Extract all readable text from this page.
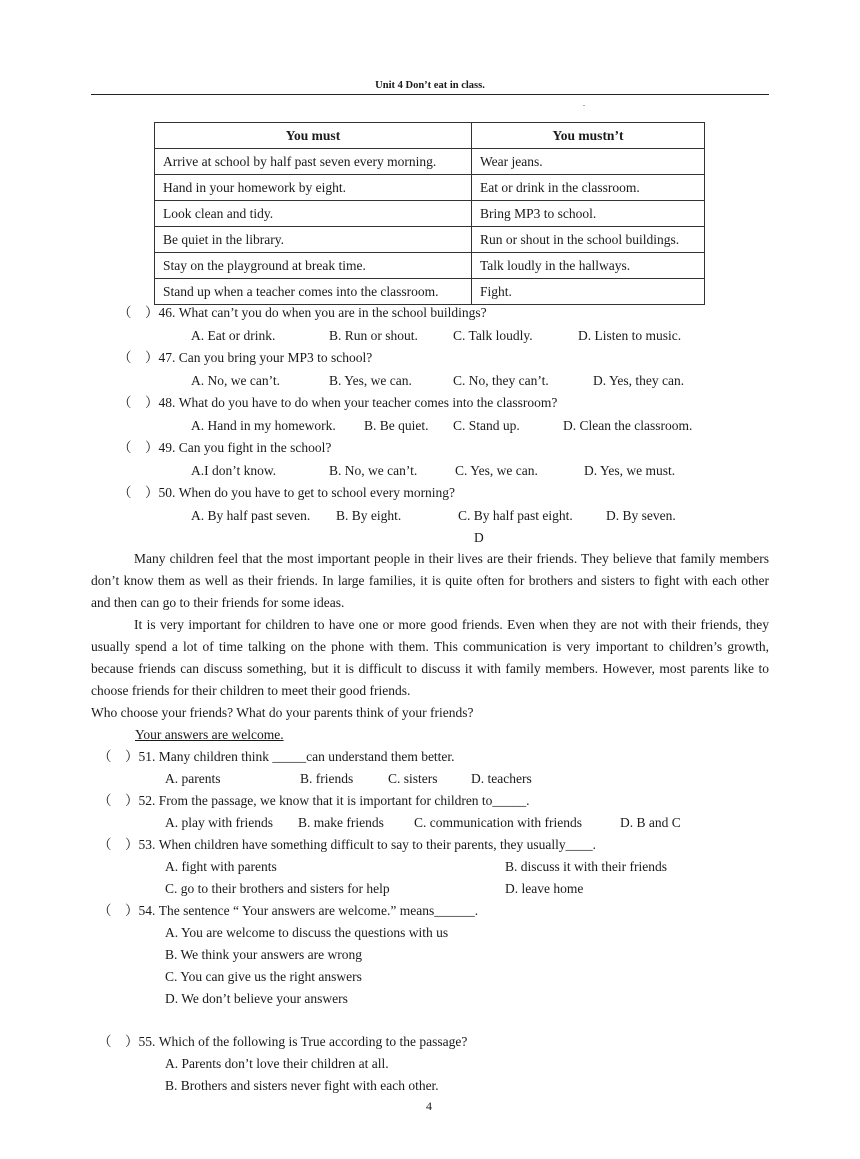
Unit 4 Don’t eat in class.
.
You must	You mustn’t
Arrive at school by half past seven every morning.	Wear jeans.
Hand in your homework by eight.	Eat or drink in the classroom.
Look clean and tidy.	Bring MP3 to school.
Be quiet in the library.	Run or shout in the school buildings.
Stay on the playground at break time.	Talk loudly in the hallways.
Stand up when a teacher comes into the classroom.	Fight.
（　）46. What can’t you do when you are in the school buildings?
A. Eat or drink.	B. Run or shout.	C. Talk loudly.	D. Listen to music.
（　）47. Can you bring your MP3 to school?
A. No, we can’t.	B. Yes, we can.	C. No, they can’t.	D. Yes, they can.
（　）48. What do you have to do when your teacher comes into the classroom?
A. Hand in my homework. B. Be quiet. C. Stand up.	D. Clean the classroom.
（　）49. Can you fight in the school?
A.I don’t know.	B. No, we can’t.	C. Yes, we can.	D. Yes, we must.
（　）50. When do you have to get to school every morning?
A. By half past seven. B. By eight.	C. By half past eight. D. By seven.
D
Many children feel that the most important people in their lives are their friends. They believe that family members don’t know them as well as their friends. In large families, it is quite often for brothers and sisters to fight with each other and then can go to their friends for some ideas.
It is very important for children to have one or more good friends. Even when they are not with their friends, they usually spend a lot of time talking on the phone with them. This communication is very important to children’s growth, because friends can discuss something, but it is difficult to discuss it with family members. However, most parents like to choose friends for their children to meet their good friends.
Who choose your friends? What do your parents think of your friends?
Your answers are welcome.
（　）51. Many children think _____can understand them better.
A. parents	B. friends	C. sisters D. teachers
（　）52. From the passage, we know that it is important for children to_____.
A. play with friends B. make friends C. communication with friends	D. B and C
（　）53. When children have something difficult to say to their parents, they usually____.
A. fight with parents	B. discuss it with their friends
C. go to their brothers and sisters for help	D. leave home
（　）54. The sentence “ Your answers are welcome.” means______.
A. You are welcome to discuss the questions with us
B. We think your answers are wrong
C. You can give us the right answers
D. We don’t believe your answers
（　）55. Which of the following is True according to the passage?
A. Parents don’t love their children at all.
B. Brothers and sisters never fight with each other.
4
